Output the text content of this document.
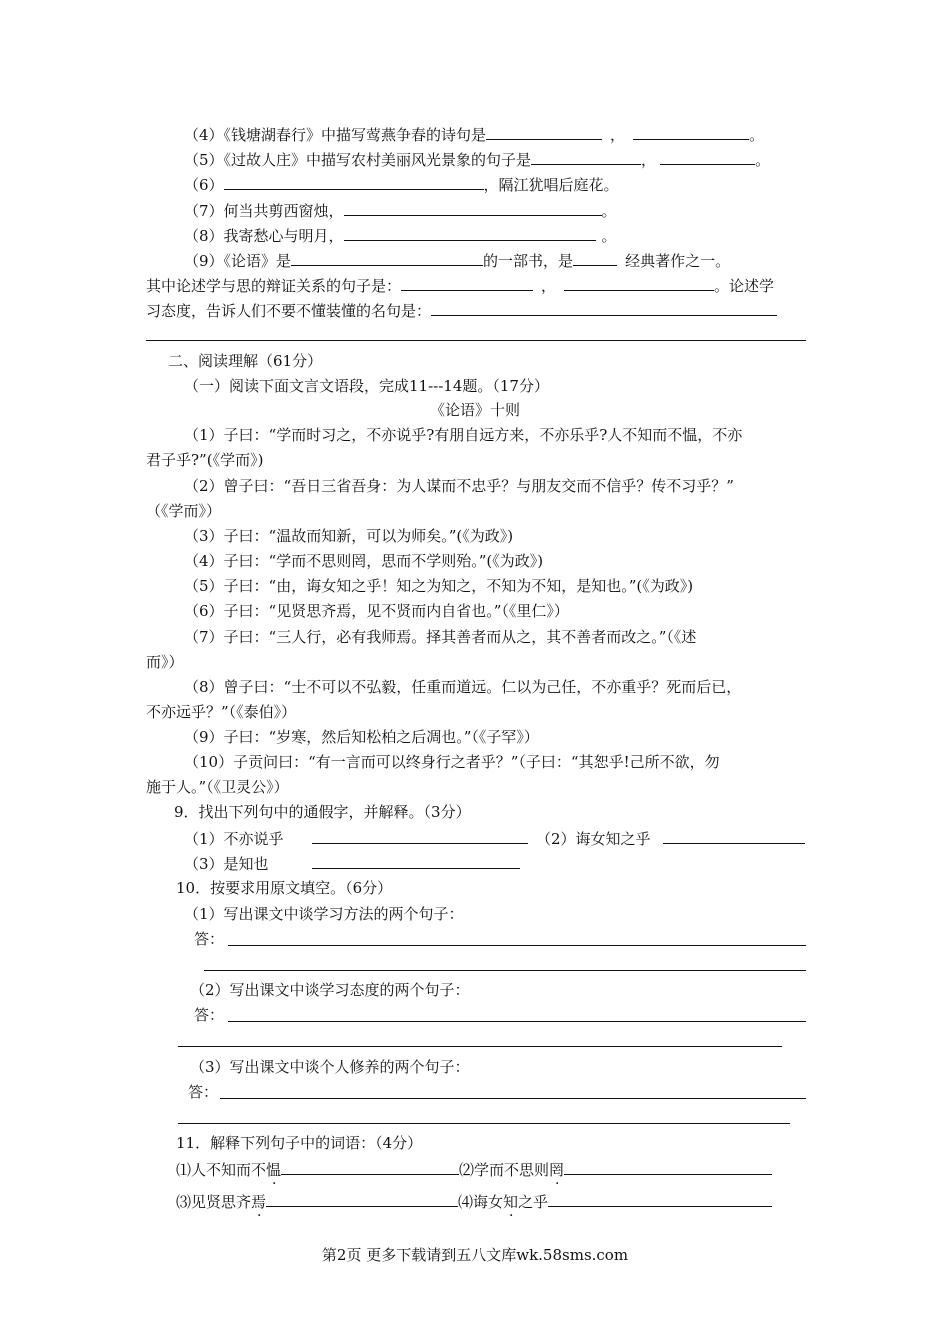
（4）《钱塘湖春行》中描写莺燕争春的诗句是	，	。
（5）《过故人庄》中描写农村美丽风光景象的句子是	，	。
（6）	，隔江犹唱后庭花。
（7）何当共剪西窗烛，	。
（8）我寄愁心与明月，	。
（9）《论语》是	的一部书，是	经典著作之一。
其中论述学与思的辩证关系的句子是：	，	。论述学
习态度，告诉人们不要不懂装懂的名句是：
二、阅读理解（61分）
（一）阅读下面文言文语段，完成11---14题。（17分）
《论语》十则
（1）子曰：“学而时习之，不亦说乎?有朋自远方来，不亦乐乎?人不知而不愠，不亦
君子乎?”(《学而》)
（2）曾子曰：“吾日三省吾身：为人谋而不忠乎？与朋友交而不信乎？传不习乎？”
（《学而》）
（3）子曰：“温故而知新，可以为师矣。”(《为政》)
（4）子曰：“学而不思则罔，思而不学则殆。”(《为政》)
（5）子曰：“由，诲女知之乎！知之为知之，不知为不知，是知也。”(《为政》)
（6）子曰：“见贤思齐焉，见不贤而内自省也。”（《里仁》）
（7）子曰：“三人行，必有我师焉。择其善者而从之，其不善者而改之。”（《述
而》）
（8）曾子曰：“士不可以不弘毅，任重而道远。仁以为己任，不亦重乎？死而后已，
不亦远乎？”（《泰伯》）
（9）子曰：“岁寒，然后知松柏之后凋也。”（《子罕》）
（10）子贡问曰：“有一言而可以终身行之者乎？”（子曰：“其恕乎!己所不欲，勿
施于人。”（《卫灵公》）
9．找出下列句中的通假字，并解释。（3分）
（1）不亦说乎	（2）诲女知之乎
（3）是知也
10．按要求用原文填空。（6分）
（1）写出课文中谈学习方法的两个句子：
答：
（2）写出课文中谈学习态度的两个句子：
答：
（3）写出课文中谈个人修养的两个句子：
答：
11．解释下列句子中的词语：（4分）
⑴人不知而不愠	⑵学而不思则罔
⑶见贤思齐焉	⑷诲女知之乎
第2页 更多下载请到五八文库wk.58sms.com
